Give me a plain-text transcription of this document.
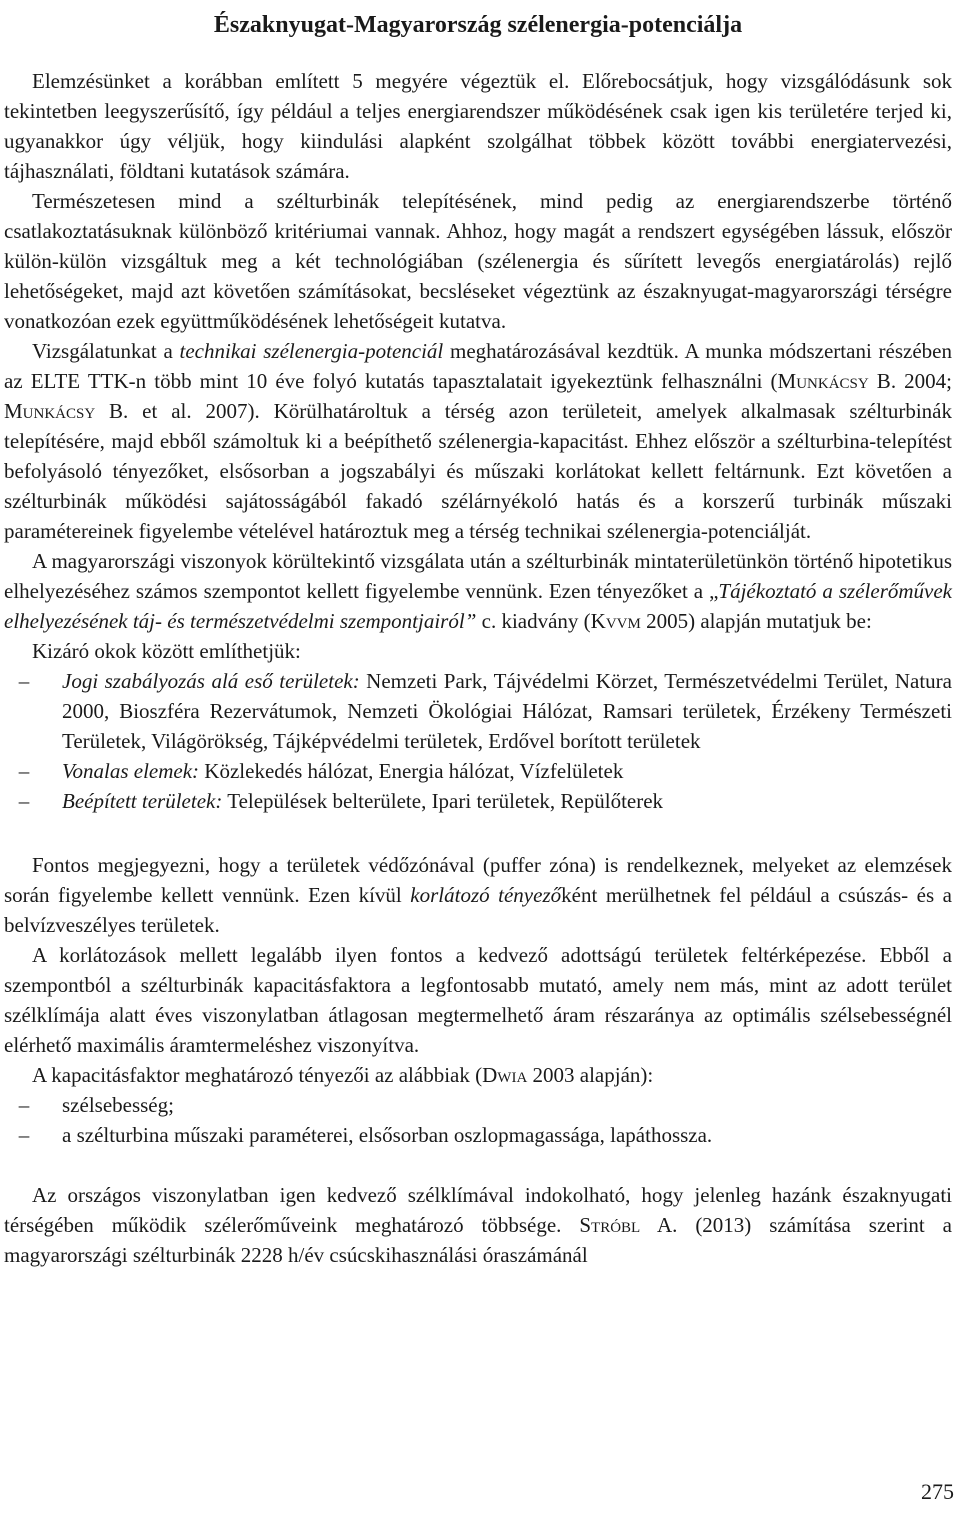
Északnyugat-Magyarország szélenergia-potenciálja

Elemzésünket a korábban említett 5 megyére végeztük el. Előrebocsátjuk, hogy vizsgálódásunk sok tekintetben leegyszerűsítő, így például a teljes energiarendszer működésének csak igen kis területére terjed ki, ugyanakkor úgy véljük, hogy kiindulási alapként szolgálhat többek között további energiatervezési, tájhasználati, földtani kutatások számára.

Természetesen mind a szélturbinák telepítésének, mind pedig az energiarendszerbe történő csatlakoztatásuknak különböző kritériumai vannak. Ahhoz, hogy magát a rendszert egységében lássuk, először külön-külön vizsgáltuk meg a két technológiában (szélenergia és sűrített levegős energiatárolás) rejlő lehetőségeket, majd azt követően számításokat, becsléseket végeztünk az északnyugat-magyarországi térségre vonatkozóan ezek együttműködésének lehetőségeit kutatva.

Vizsgálatunkat a technikai szélenergia-potenciál meghatározásával kezdtük. A munka módszertani részében az ELTE TTK-n több mint 10 éve folyó kutatás tapasztalatait igyekeztünk felhasználni (Munkácsy B. 2004; Munkácsy B. et al. 2007). Körülhatároltuk a térség azon területeit, amelyek alkalmasak szélturbinák telepítésére, majd ebből számoltuk ki a beépíthető szélenergia-kapacitást. Ehhez először a szélturbina-telepítést befolyásoló tényezőket, elsősorban a jogszabályi és műszaki korlátokat kellett feltárnunk. Ezt követően a szélturbinák működési sajátosságából fakadó szélárnyékoló hatás és a korszerű turbinák műszaki paramétereinek figyelembe vételével határoztuk meg a térség technikai szélenergia-potenciálját.

A magyarországi viszonyok körültekintő vizsgálata után a szélturbinák mintaterületünkön történő hipotetikus elhelyezéséhez számos szempontot kellett figyelembe vennünk. Ezen tényezőket a „Tájékoztató a szélerőművek elhelyezésének táj- és természetvédelmi szempontjairól” c. kiadvány (Kvvm 2005) alapján mutatjuk be:

Kizáró okok között említhetjük:

– Jogi szabályozás alá eső területek: Nemzeti Park, Tájvédelmi Körzet, Természetvédelmi Terület, Natura 2000, Bioszféra Rezervátumok, Nemzeti Ökológiai Hálózat, Ramsari területek, Érzékeny Természeti Területek, Világörökség, Tájképvédelmi területek, Erdővel borított területek
– Vonalas elemek: Közlekedés hálózat, Energia hálózat, Vízfelületek
– Beépített területek: Települések belterülete, Ipari területek, Repülőterek

Fontos megjegyezni, hogy a területek védőzónával (puffer zóna) is rendelkeznek, melyeket az elemzések során figyelembe kellett vennünk. Ezen kívül korlátozó tényezőként merülhetnek fel például a csúszás- és a belvízveszélyes területek.

A korlátozások mellett legalább ilyen fontos a kedvező adottságú területek feltérképezése. Ebből a szempontból a szélturbinák kapacitásfaktora a legfontosabb mutató, amely nem más, mint az adott terület szélklímája alatt éves viszonylatban átlagosan megtermelhető áram részaránya az optimális szélsebességnél elérhető maximális áramtermeléshez viszonyítva.

A kapacitásfaktor meghatározó tényezői az alábbiak (Dwia 2003 alapján):

– szélsebesség;
– a szélturbina műszaki paraméterei, elsősorban oszlopmagassága, lapáthossza.

Az országos viszonylatban igen kedvező szélklímával indokolható, hogy jelenleg hazánk északnyugati térségében működik szélerőműveink meghatározó többsége. Stróbl A. (2013) számítása szerint a magyarországi szélturbinák 2228 h/év csúcskihasználási óraszámánál

275
